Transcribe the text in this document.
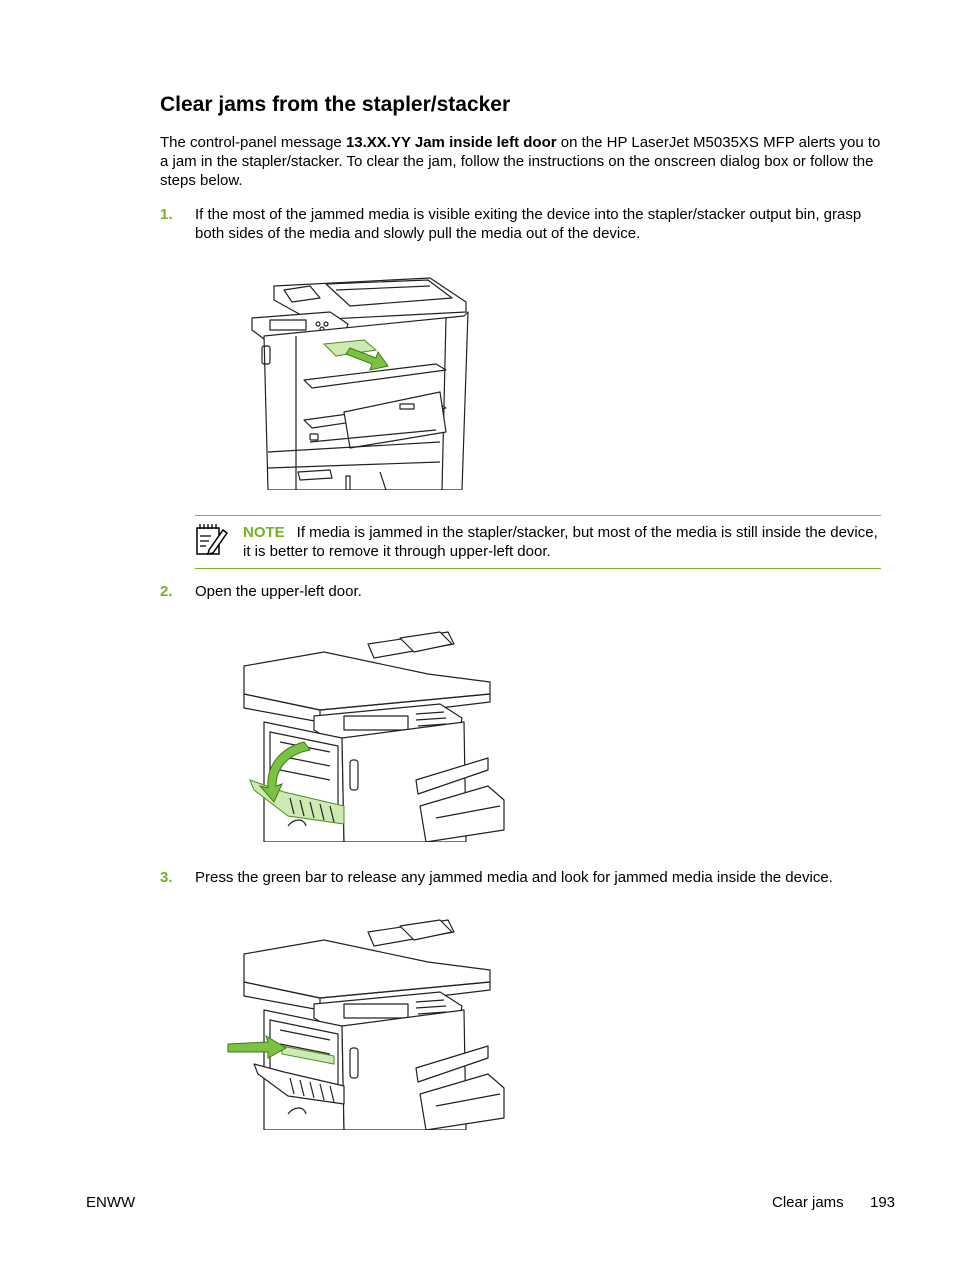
Clear jams from the stapler/stacker

The control-panel message 13.XX.YY Jam inside left door on the HP LaserJet M5035XS MFP alerts you to a jam in the stapler/stacker. To clear the jam, follow the instructions on the onscreen dialog box or follow the steps below.

1. If the most of the jammed media is visible exiting the device into the stapler/stacker output bin, grasp both sides of the media and slowly pull the media out of the device.
NOTE If media is jammed in the stapler/stacker, but most of the media is still inside the device, it is better to remove it through upper-left door.
2. Open the upper-left door.
3. Press the green bar to release any jammed media and look for jammed media inside the device.
ENWW	Clear jams 193
